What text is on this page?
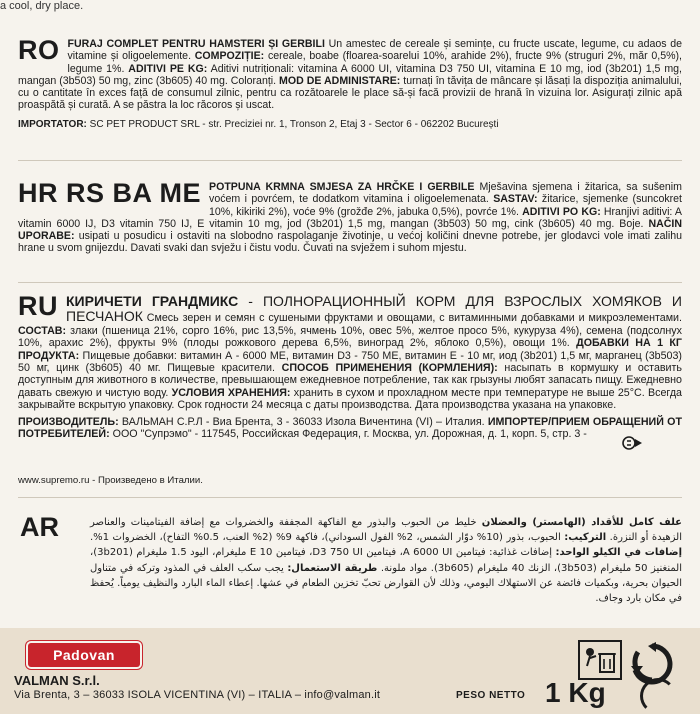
a cool, dry place.
RO FURAJ COMPLET PENTRU HAMSTERI ȘI GERBILI Un amestec de cereale și semințe, cu fructe uscate, legume, cu adaos de vitamine și oligoelemente. COMPOZIȚIE: cereale, boabe (floarea-soarelui 10%, arahide 2%), fructe 9% (struguri 2%, măr 0,5%), legume 1%. ADITIVI PE KG: Aditivi nutriționali: vitamina A 6000 UI, vitamina D3 750 UI, vitamina E 10 mg, iod (3b201) 1,5 mg, mangan (3b503) 50 mg, zinc (3b605) 40 mg. Coloranți. MOD DE ADMINISTARE: turnați în tăvița de mâncare și lăsați la dispoziția animalului, cu o cantitate în exces față de consumul zilnic, pentru ca rozătoarele le place să-și facă provizii de hrană în vizuina lor. Asigurați zilnic apă proaspătă și curată. A se păstra la loc răcoros și uscat.
IMPORTATOR: SC PET PRODUCT SRL - str. Preciziei nr. 1, Tronson 2, Etaj 3 - Sector 6 - 062202 București
HR RS BA ME POTPUNA KRMNA SMJESA ZA HRČKE I GERBILE Mješavina sjemena i žitarica, sa sušenim voćem i povrćem, te dodatkom vitamina i oligoelemenata. SASTAV: žitarice, sjemenke (suncokret 10%, kikiriki 2%), voće 9% (grožđe 2%, jabuka 0,5%), povrće 1%. ADITIVI PO KG: Hranjivi aditivi: A vitamin 6000 IJ, D3 vitamin 750 IJ, E vitamin 10 mg, jod (3b201) 1,5 mg, mangan (3b503) 50 mg, cink (3b605) 40 mg. Boje. NAČIN UPORABE: usipati u posudicu i ostaviti na slobodno raspolaganje životinje, u većoj količini dnevne potrebe, jer glodavci vole imati zalihu hrane u svom gnijezdu. Davati svaki dan svježu i čistu vodu. Čuvati na svježem i suhom mjestu.
RU КИРИЧЕТИ ГРАНДМИКС - ПОЛНОРАЦИОННЫЙ КОРМ ДЛЯ ВЗРОСЛЫХ ХОМЯКОВ И ПЕСЧАНОК Смесь зерен и семян с сушеными фруктами и овощами, с витаминными добавками и микроэлементами. СОСТАВ: злаки (пшеница 21%, сорго 16%, рис 13,5%, ячмень 10%, овес 5%, желтое просо 5%, кукуруза 4%), семена (подсолнух 10%, арахис 2%), фрукты 9% (плоды рожкового дерева 6,5%, виноград 2%, яблоко 0,5%), овощи 1%. ДОБАВКИ НА 1 КГ ПРОДУКТА: Пищевые добавки: витамин А - 6000 МЕ, витамин D3 - 750 МЕ, витамин Е - 10 мг, иод (3b201) 1,5 мг, марганец (3b503) 50 мг, цинк (3b605) 40 мг. Пищевые красители. СПОСОБ ПРИМЕНЕНИЯ (КОРМЛЕНИЯ): насыпать в кормушку и оставить доступным для животного в количестве, превышающем ежедневное потребление, так как грызуны любят запасать пищу. Ежедневно давать свежую и чистую воду. УСЛОВИЯ ХРАНЕНИЯ: хранить в сухом и прохладном месте при температуре не выше 25°C. Всегда закрывайте вскрытую упаковку. Срок годности 24 месяца с даты производства. Дата производства указана на упаковке.
ПРОИЗВОДИТЕЛЬ: ВАЛЬМАН С.Р.Л - Виа Брента, 3 - 36033 Изола Вичентина (VI) – Италия. ИМПОРТЕР/ПРИЕМ ОБРАЩЕНИЙ ОТ ПОТРЕБИТЕЛЕЙ: ООО "Супрэмо" - 117545, Российская Федерация, г. Москва, ул. Дорожная, д. 1, корп. 5, стр. 3 -
www.supremo.ru - Произведено в Италии.
AR	علف كامل للأقداد (الهامستر) والعضلان خليط من الحبوب والبذور مع الفاكهة المجففة والخضروات مع إضافة الفيتامينات والعناصر الزهيدة أو النزرة. التركيب: الحبوب، بذور (10% دوّار الشمس، 2% الفول السوداني)، فاكهة 9% (2% العنب، 0.5% التفاح)، الخضروات 1%. إضافات في الكيلو الواحد: إضافات غذائية: فيتامين A 6000 UI، فيتامين D3 750 UI، فيتامين E 10 مليغرام، اليود 1.5 مليغرام (3b201)، المنغنيز 50 مليغرام (3b503)، الزنك 40 مليغرام (3b605). مواد ملونة. طريقة الاستعمال: يجب سكب العلف في المذود وتركه في متناول الحيوان بحرية، وبكميات فائضة عن الاستهلاك اليومي، وذلك لأن القوارض تحبّ تخزين الطعام في عشها. إعطاء الماء البارد والنظيف يومياً. يُحفظ في مكان بارد وجاف.
Padovan
VALMAN S.r.l.
Via Brenta, 3 – 36033 ISOLA VICENTINA (VI) – ITALIA – info@valman.it	PESO NETTO 1 Kg
